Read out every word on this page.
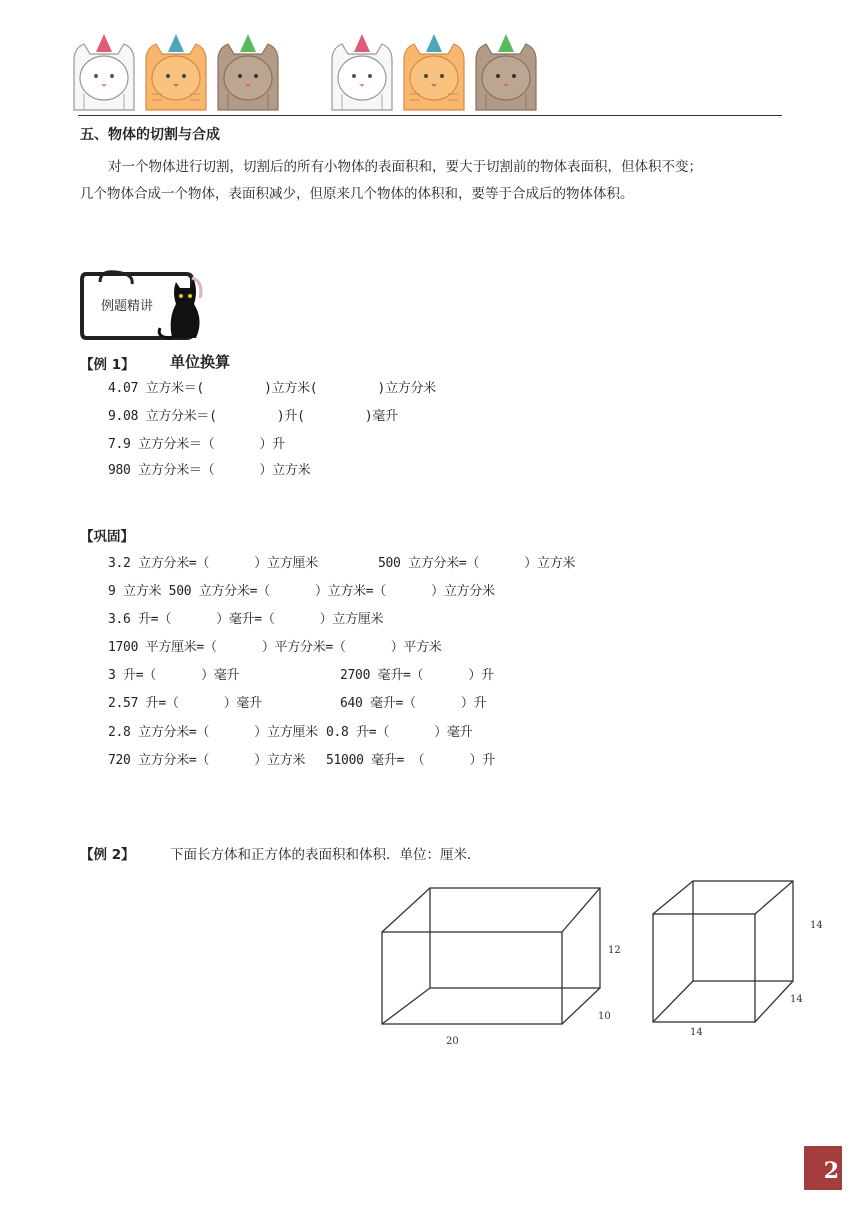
五、物体的切割与合成

对一个物体进行切割，切割后的所有小物体的表面积和，要大于切割前的物体表面积，但体积不变；

几个物体合成一个物体，表面积减少，但原来几个物体的体积和，要等于合成后的物体体积。

例题精讲
【例 1】 单位换算
4.07 立方米＝(        )立方米(        )立方分米
9.08 立方分米＝(        )升(        )毫升
7.9 立方分米＝（      ）升
980 立方分米＝（      ）立方米
【巩固】
3.2 立方分米=（      ）立方厘米	500 立方分米=（      ）立方米
9 立方米 500 立方分米=（      ）立方米=（      ）立方分米
3.6 升=（      ）毫升=（      ）立方厘米
1700 平方厘米=（      ）平方分米=（      ）平方米
3 升=（      ）毫升	2700 毫升=（      ）升
2.57 升=（      ）毫升	640 毫升=（      ）升
2.8 立方分米=（      ）立方厘米 0.8 升=（      ）毫升
720 立方分米=（      ）立方米 51000 毫升= （      ）升
【例 2】	下面长方体和正方体的表面积和体积．单位：厘米．
12
10
20
14
14
14
2
